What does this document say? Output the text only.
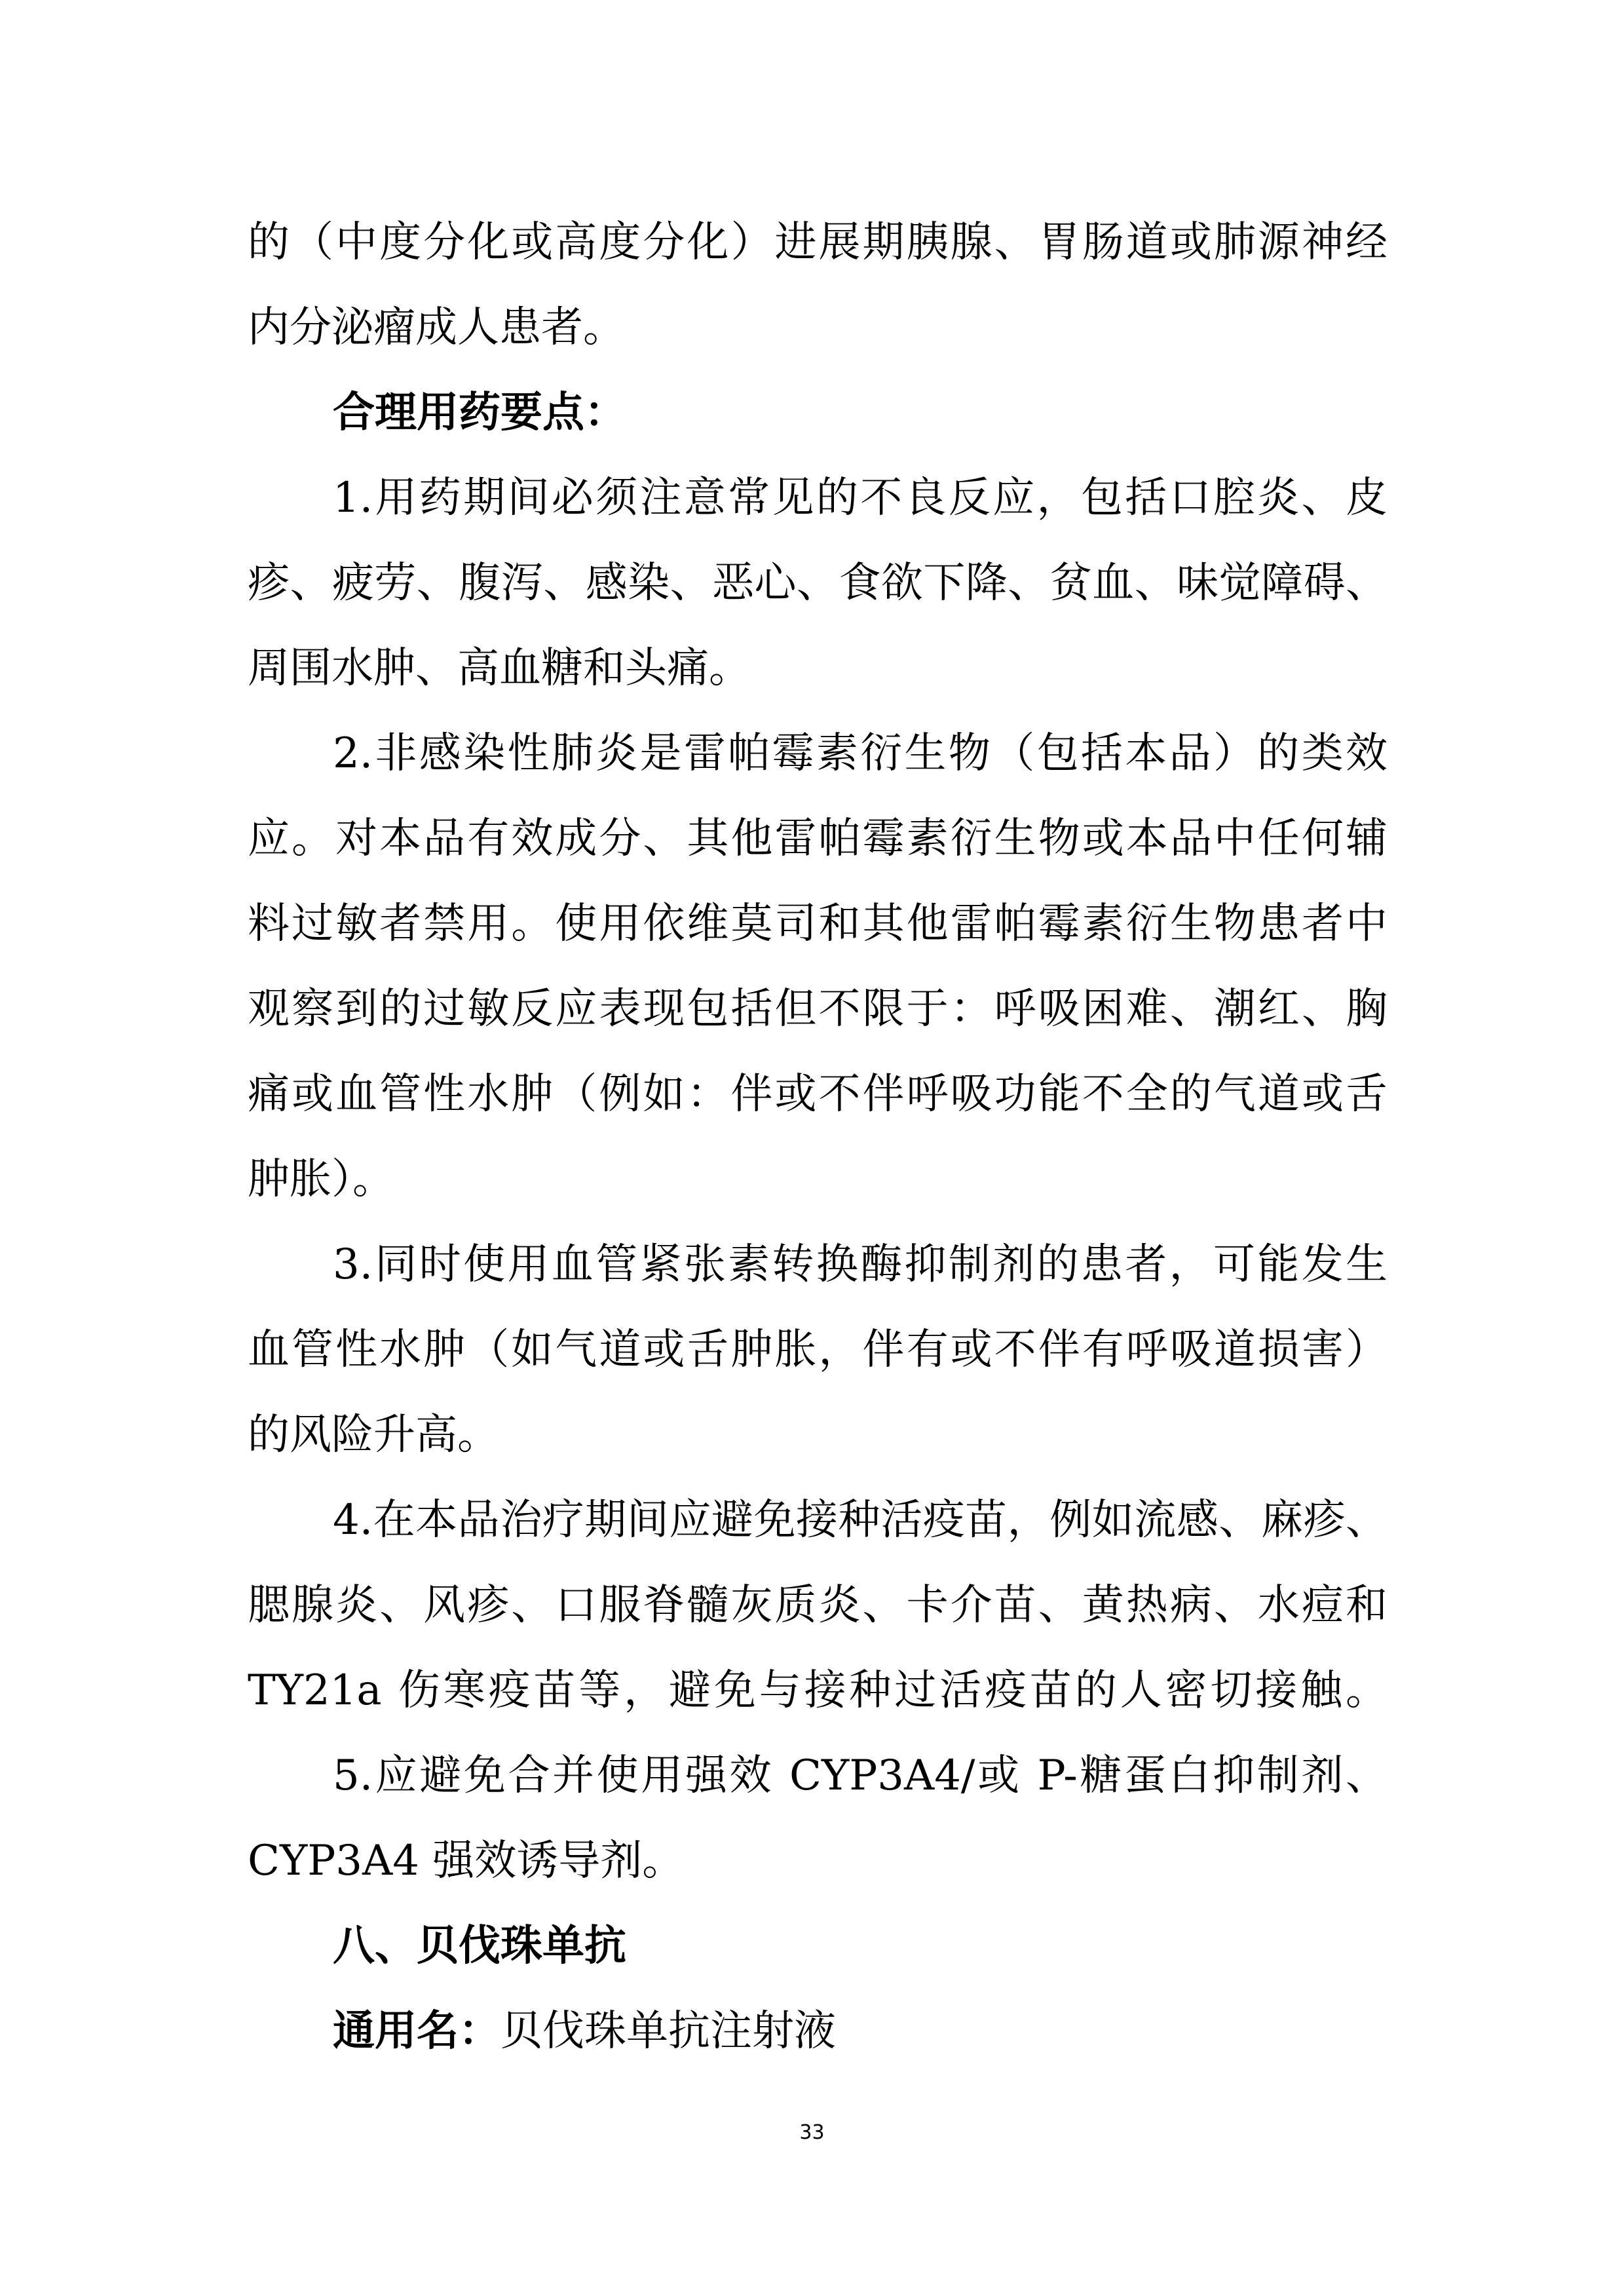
的（中度分化或高度分化）进展期胰腺、胃肠道或肺源神经
内分泌瘤成人患者。
合理用药要点：
1.用药期间必须注意常见的不良反应，包括口腔炎、皮
疹、疲劳、腹泻、感染、恶心、食欲下降、贫血、味觉障碍、
周围水肿、高血糖和头痛。
2.非感染性肺炎是雷帕霉素衍生物（包括本品）的类效
应。对本品有效成分、其他雷帕霉素衍生物或本品中任何辅
料过敏者禁用。使用依维莫司和其他雷帕霉素衍生物患者中
观察到的过敏反应表现包括但不限于：呼吸困难、潮红、胸
痛或血管性水肿（例如：伴或不伴呼吸功能不全的气道或舌
肿胀）。
3.同时使用血管紧张素转换酶抑制剂的患者，可能发生
血管性水肿（如气道或舌肿胀，伴有或不伴有呼吸道损害）
的风险升高。
4.在本品治疗期间应避免接种活疫苗，例如流感、麻疹、
腮腺炎、风疹、口服脊髓灰质炎、卡介苗、黄热病、水痘和
TY21a 伤寒疫苗等，避免与接种过活疫苗的人密切接触。
5.应避免合并使用强效 CYP3A4/或 P-糖蛋白抑制剂、
CYP3A4 强效诱导剂。
八、贝伐珠单抗
通用名：贝伐珠单抗注射液
33
